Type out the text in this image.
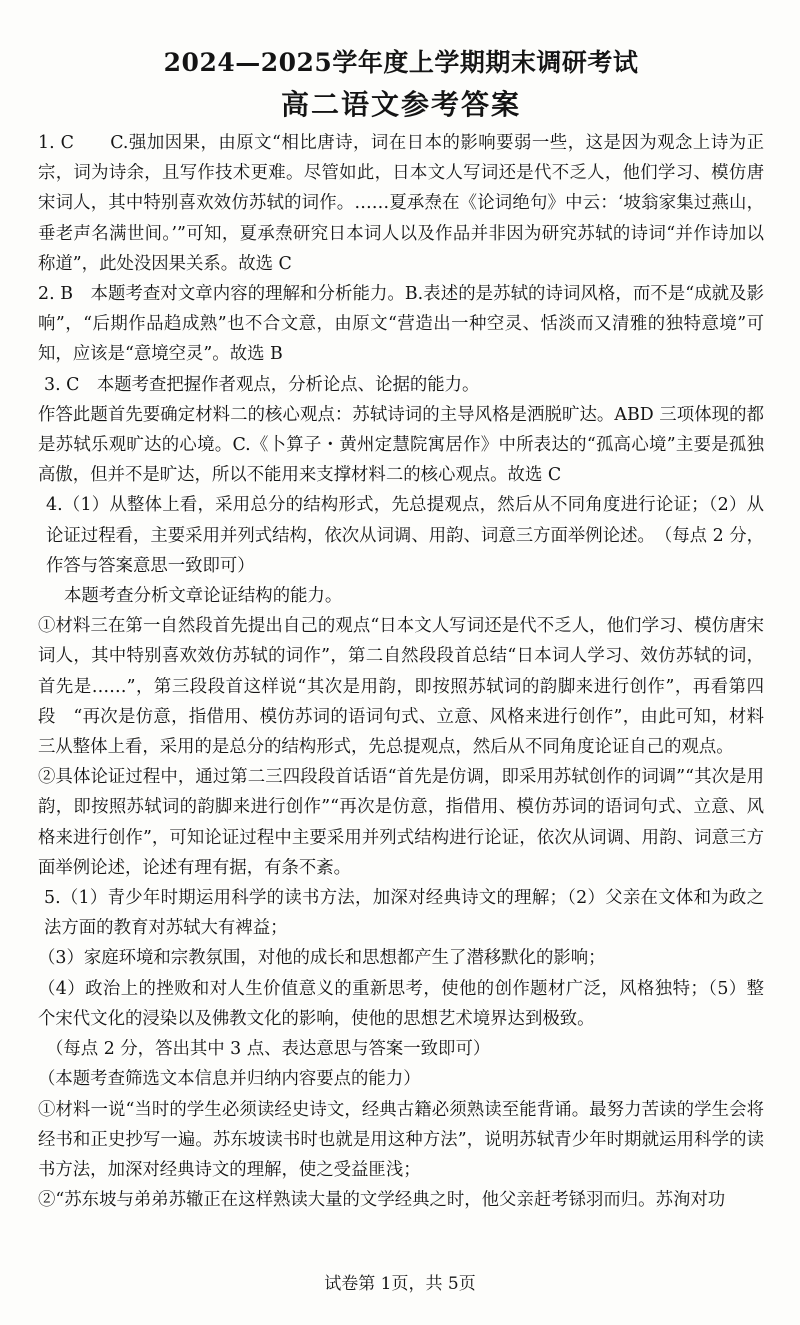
2024—2025学年度上学期期末调研考试
高二语文参考答案

1. C　　C.强加因果，由原文“相比唐诗，词在日本的影响要弱一些，这是因为观念上诗为正宗，词为诗余，且写作技术更难。尽管如此，日本文人写词还是代不乏人，他们学习、模仿唐宋词人，其中特别喜欢效仿苏轼的词作。……夏承焘在《论词绝句》中云：‘坡翁家集过燕山，垂老声名满世间。’”可知，夏承焘研究日本词人以及作品并非因为研究苏轼的诗词“并作诗加以称道”，此处没因果关系。故选 C

2. B　本题考查对文章内容的理解和分析能力。B.表述的是苏轼的诗词风格，而不是“成就及影响”，“后期作品趋成熟”也不合文意，由原文“营造出一种空灵、恬淡而又清雅的独特意境”可知，应该是“意境空灵”。故选 B

3. C　本题考查把握作者观点，分析论点、论据的能力。

作答此题首先要确定材料二的核心观点：苏轼诗词的主导风格是洒脱旷达。ABD 三项体现的都是苏轼乐观旷达的心境。C.《卜算子・黄州定慧院寓居作》中所表达的“孤高心境”主要是孤独高傲，但并不是旷达，所以不能用来支撑材料二的核心观点。故选 C

4.（1）从整体上看，采用总分的结构形式，先总提观点，然后从不同角度进行论证；（2）从论证过程看，主要采用并列式结构，依次从词调、用韵、词意三方面举例论述。　（每点 2 分，作答与答案意思一致即可）

本题考查分析文章论证结构的能力。

①材料三在第一自然段首先提出自己的观点“日本文人写词还是代不乏人，他们学习、模仿唐宋词人，其中特别喜欢效仿苏轼的词作”，第二自然段段首总结“日本词人学习、效仿苏轼的词，首先是……”，第三段段首这样说“其次是用韵，即按照苏轼词的韵脚来进行创作”，再看第四段　“再次是仿意，指借用、模仿苏词的语词句式、立意、风格来进行创作”，由此可知，材料三从整体上看，采用的是总分的结构形式，先总提观点，然后从不同角度论证自己的观点。

②具体论证过程中，通过第二三四段段首话语“首先是仿调，即采用苏轼创作的词调”“其次是用韵，即按照苏轼词的韵脚来进行创作”“再次是仿意，指借用、模仿苏词的语词句式、立意、风格来进行创作”，可知论证过程中主要采用并列式结构进行论证，依次从词调、用韵、词意三方面举例论述，论述有理有据，有条不紊。

5.（1）青少年时期运用科学的读书方法，加深对经典诗文的理解；（2）父亲在文体和为政之法方面的教育对苏轼大有裨益；

（3）家庭环境和宗教氛围，对他的成长和思想都产生了潜移默化的影响；

（4）政治上的挫败和对人生价值意义的重新思考，使他的创作题材广泛，风格独特；（5）整个宋代文化的浸染以及佛教文化的影响，使他的思想艺术境界达到极致。

（每点 2 分，答出其中 3 点、表达意思与答案一致即可）

（本题考查筛选文本信息并归纳内容要点的能力）

①材料一说“当时的学生必须读经史诗文，经典古籍必须熟读至能背诵。最努力苦读的学生会将经书和正史抄写一遍。苏东坡读书时也就是用这种方法”，说明苏轼青少年时期就运用科学的读书方法，加深对经典诗文的理解，使之受益匪浅；

②“苏东坡与弟弟苏辙正在这样熟读大量的文学经典之时，他父亲赶考铩羽而归。苏洵对功

试卷第 1页，共 5页
